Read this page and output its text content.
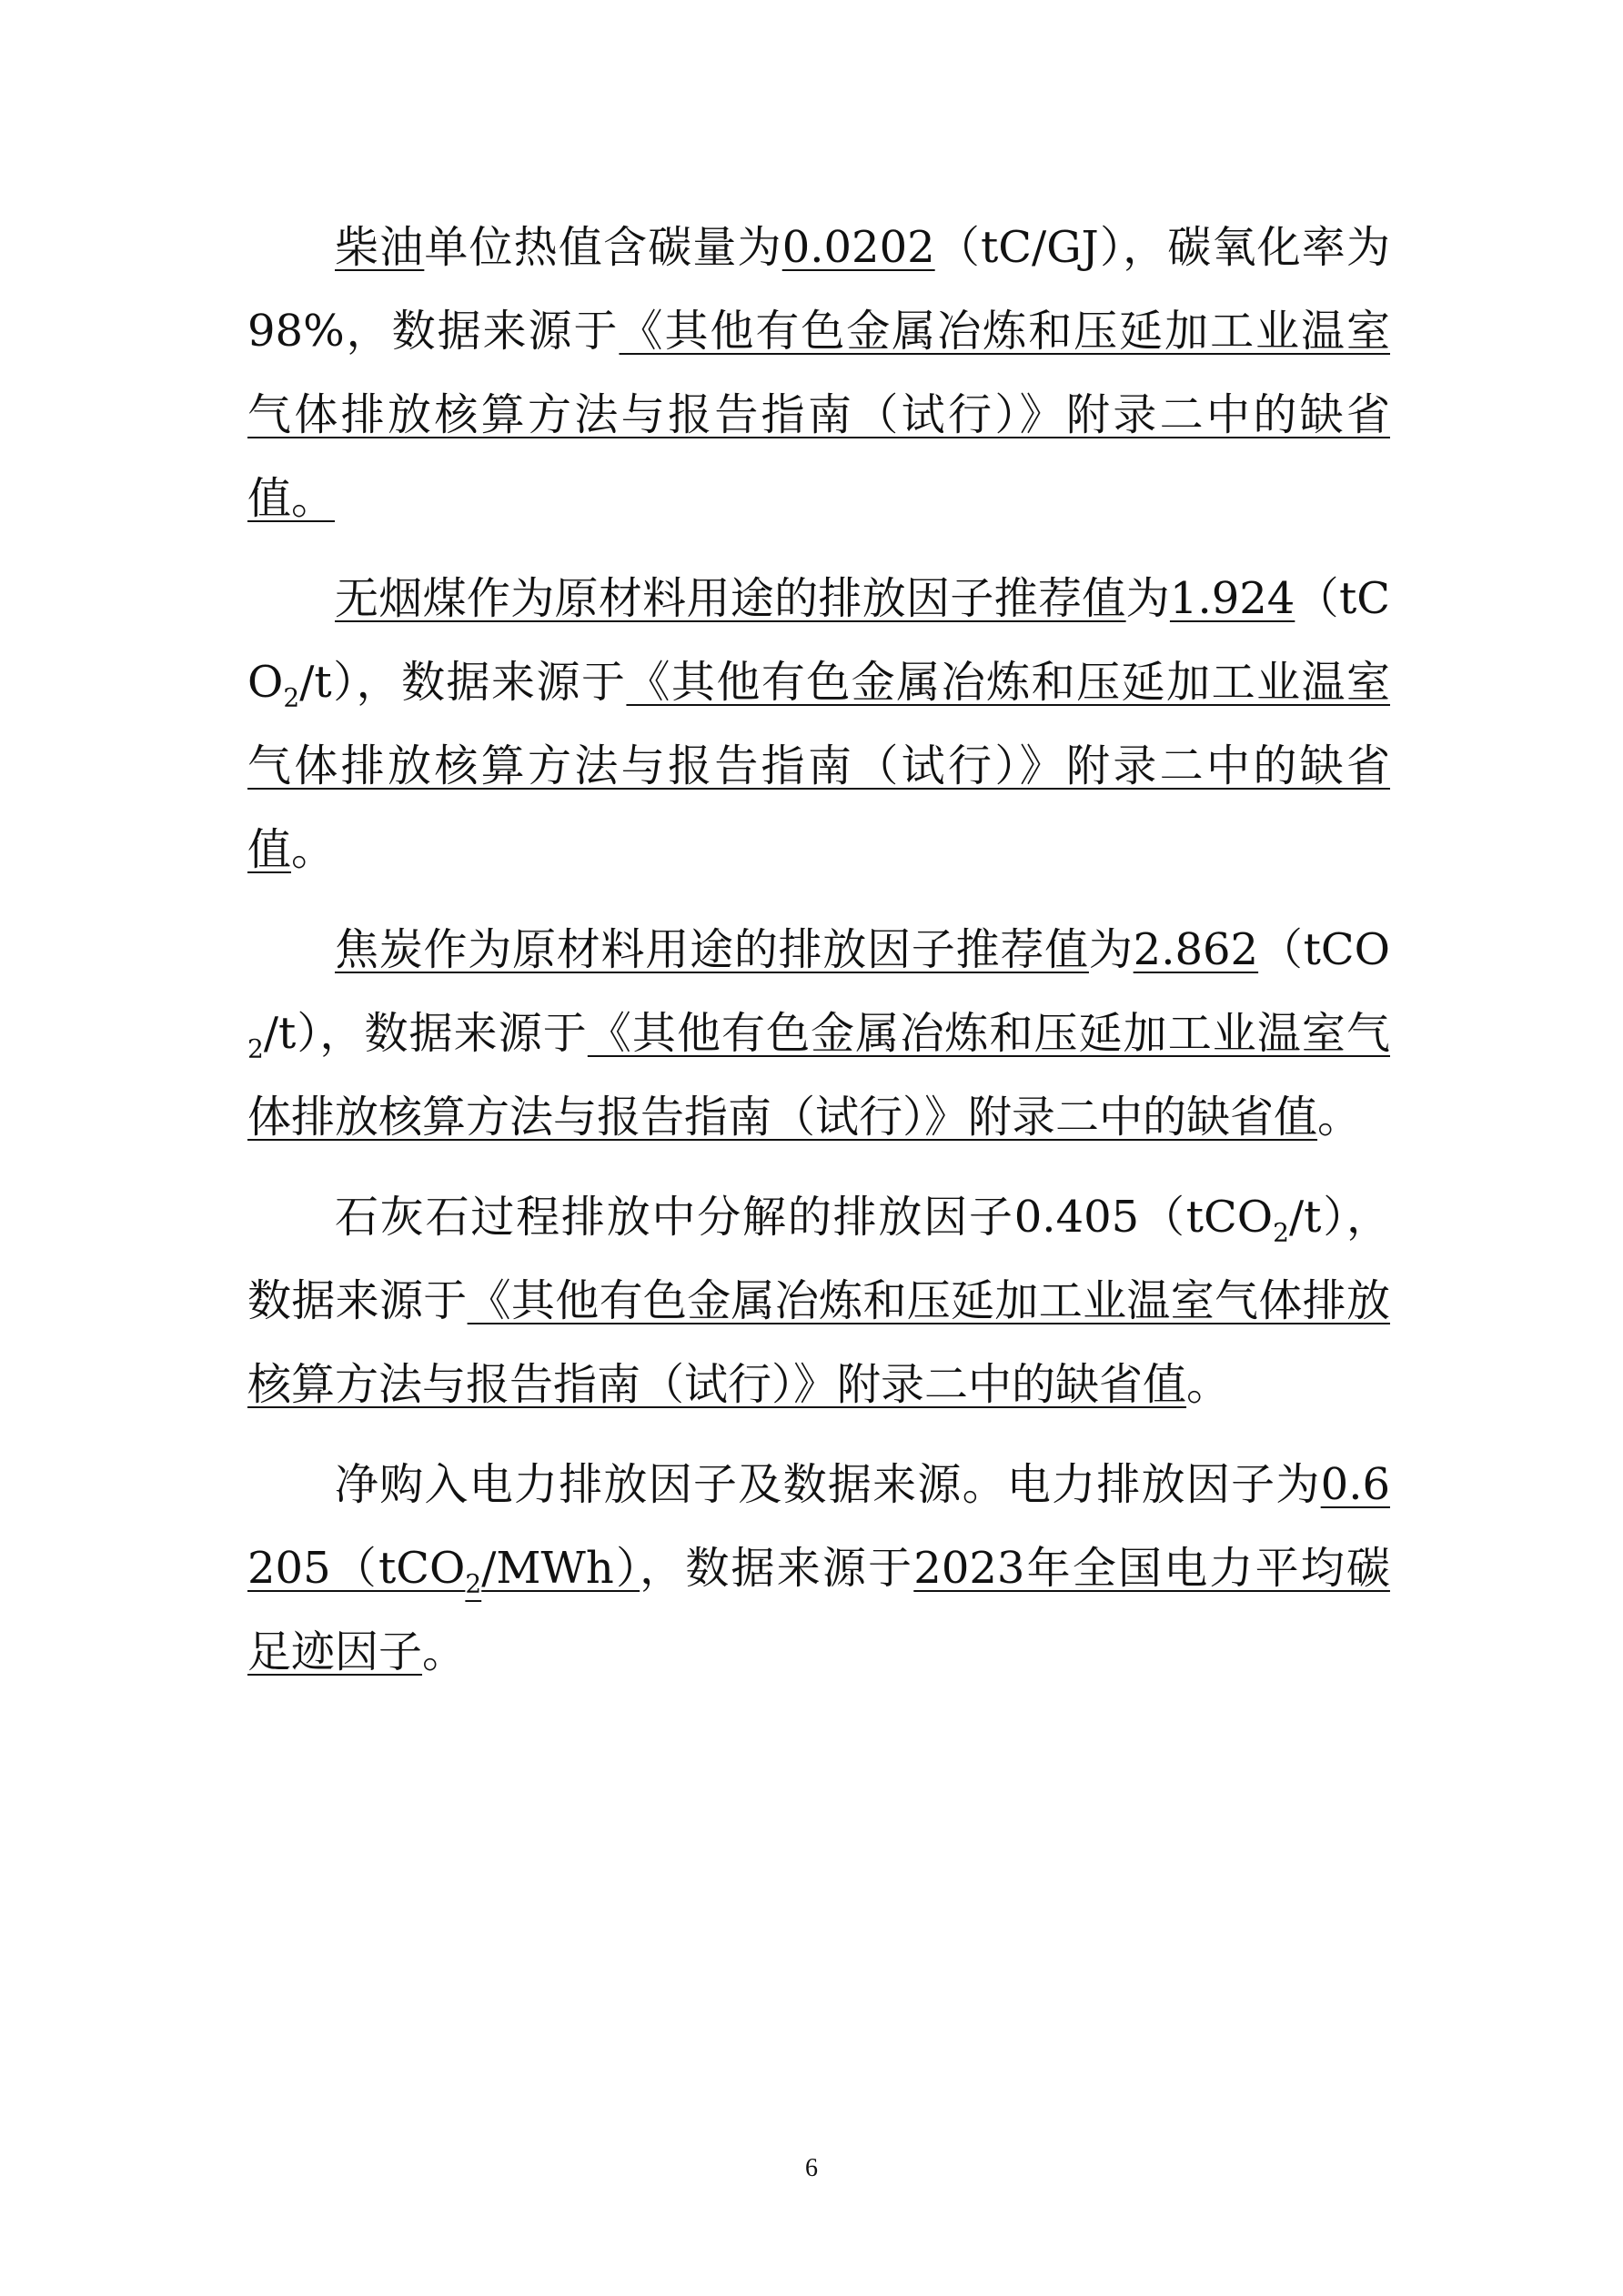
柴油单位热值含碳量为0.0202（tC/GJ），碳氧化率为98%，数据来源于《其他有色金属冶炼和压延加工业温室气体排放核算方法与报告指南（试行）》附录二中的缺省值。

无烟煤作为原材料用途的排放因子推荐值为1.924（tCO$_2$/t），数据来源于《其他有色金属冶炼和压延加工业温室气体排放核算方法与报告指南（试行）》附录二中的缺省值。

焦炭作为原材料用途的排放因子推荐值为2.862（tCO$_2$/t），数据来源于《其他有色金属冶炼和压延加工业温室气体排放核算方法与报告指南（试行）》附录二中的缺省值。

石灰石过程排放中分解的排放因子0.405（tCO$_2$/t），数据来源于《其他有色金属冶炼和压延加工业温室气体排放核算方法与报告指南（试行）》附录二中的缺省值。

净购入电力排放因子及数据来源。电力排放因子为0.6205（tCO$_2$/MWh），数据来源于2023年全国电力平均碳足迹因子。

6
